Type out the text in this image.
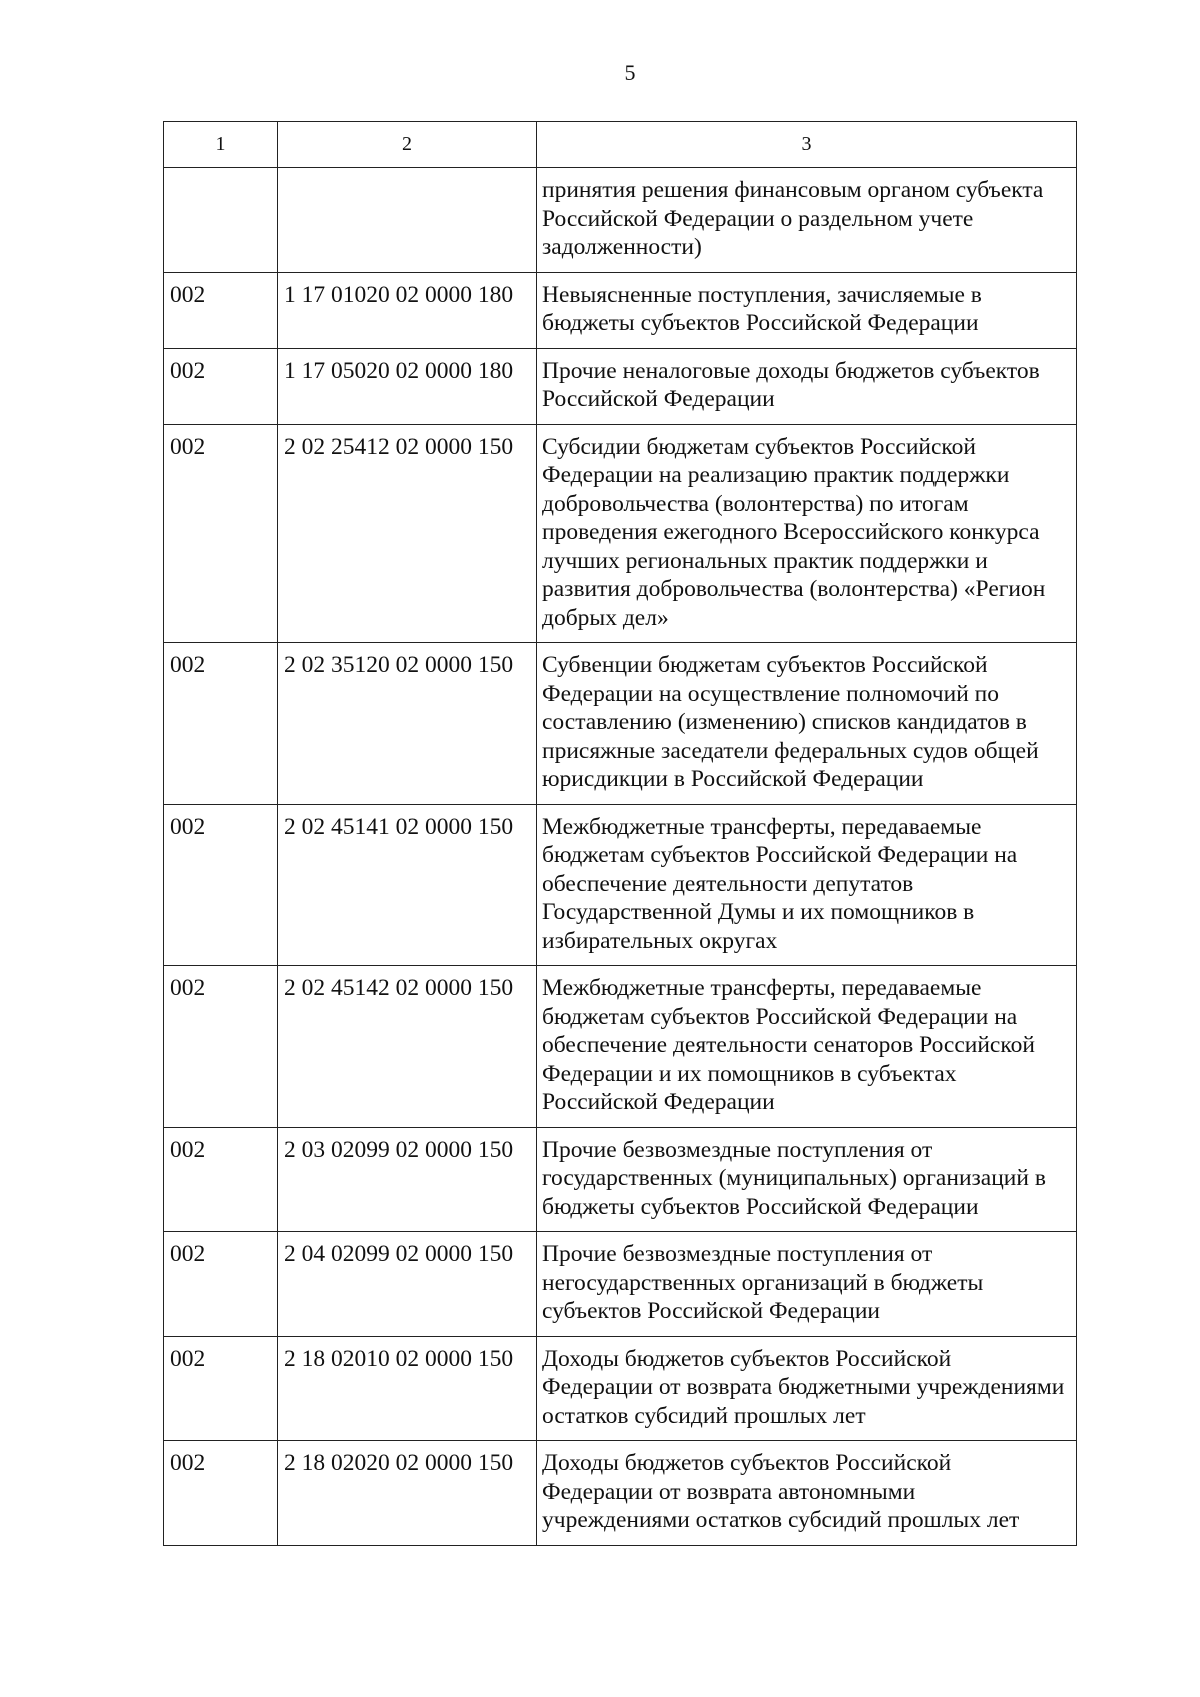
5
1	2	3
		принятия решения финансовым органом субъекта Российской Федерации о раздельном учете задолженности)
002	1 17 01020 02 0000 180	Невыясненные поступления, зачисляемые в бюджеты субъектов Российской Федерации
002	1 17 05020 02 0000 180	Прочие неналоговые доходы бюджетов субъектов Российской Федерации
002	2 02 25412 02 0000 150	Субсидии бюджетам субъектов Российской Федерации на реализацию практик поддержки добровольчества (волонтерства) по итогам проведения ежегодного Всероссийского конкурса лучших региональных практик поддержки и развития добровольчества (волонтерства) «Регион добрых дел»
002	2 02 35120 02 0000 150	Субвенции бюджетам субъектов Российской Федерации на осуществление полномочий по составлению (изменению) списков кандидатов в присяжные заседатели федеральных судов общей юрисдикции в Российской Федерации
002	2 02 45141 02 0000 150	Межбюджетные трансферты, передаваемые бюджетам субъектов Российской Федерации на обеспечение деятельности депутатов Государственной Думы и их помощников в избирательных округах
002	2 02 45142 02 0000 150	Межбюджетные трансферты, передаваемые бюджетам субъектов Российской Федерации на обеспечение деятельности сенаторов Российской Федерации и их помощников в субъектах Российской Федерации
002	2 03 02099 02 0000 150	Прочие безвозмездные поступления от государственных (муниципальных) организаций в бюджеты субъектов Российской Федерации
002	2 04 02099 02 0000 150	Прочие безвозмездные поступления от негосударственных организаций в бюджеты субъектов Российской Федерации
002	2 18 02010 02 0000 150	Доходы бюджетов субъектов Российской Федерации от возврата бюджетными учреждениями остатков субсидий прошлых лет
002	2 18 02020 02 0000 150	Доходы бюджетов субъектов Российской Федерации от возврата автономными учреждениями остатков субсидий прошлых лет
